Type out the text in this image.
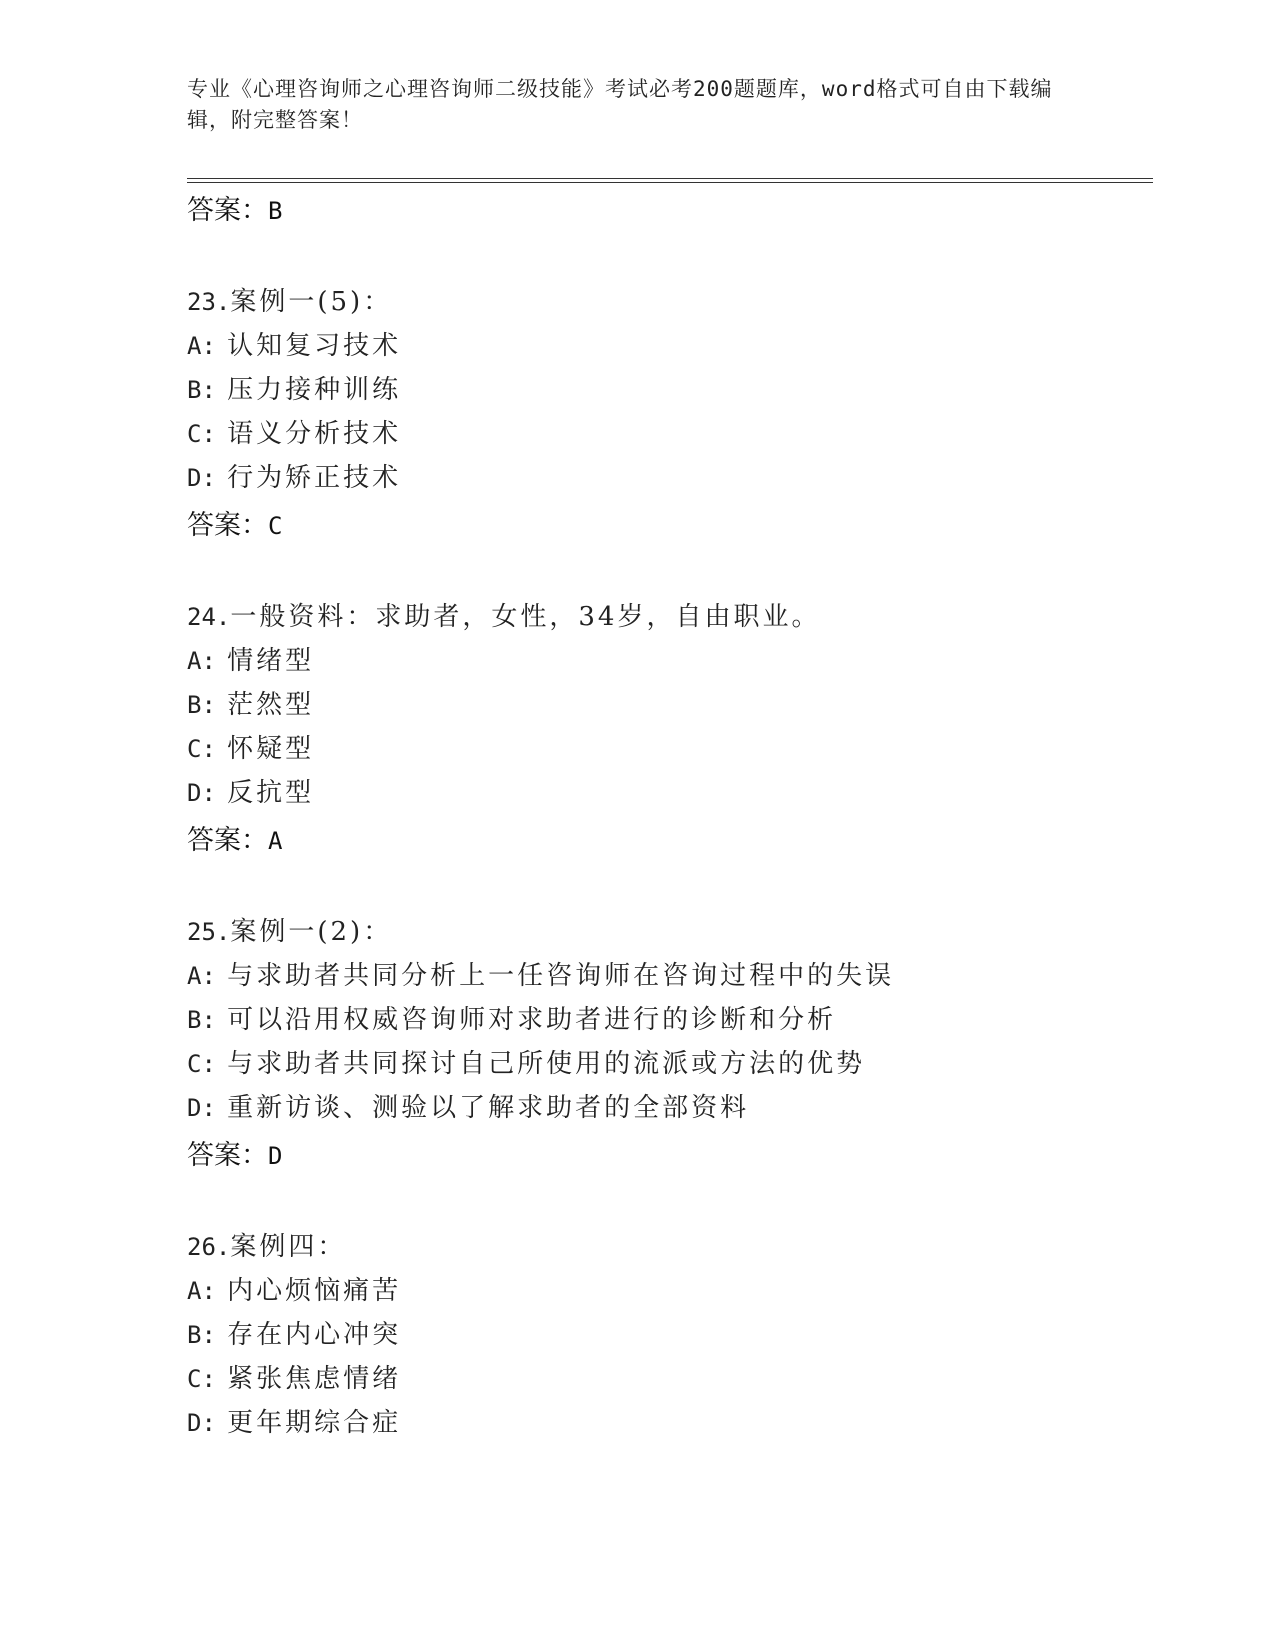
专业《心理咨询师之心理咨询师二级技能》考试必考200题题库，word格式可自由下载编辑，附完整答案！
答案：B
23.案例一(5)：
A: 认知复习技术
B: 压力接种训练
C: 语义分析技术
D: 行为矫正技术
答案：C
24.一般资料：求助者，女性，34岁，自由职业。
A: 情绪型
B: 茫然型
C: 怀疑型
D: 反抗型
答案：A
25.案例一(2)：
A: 与求助者共同分析上一任咨询师在咨询过程中的失误
B: 可以沿用权威咨询师对求助者进行的诊断和分析
C: 与求助者共同探讨自己所使用的流派或方法的优势
D: 重新访谈、测验以了解求助者的全部资料
答案：D
26.案例四：
A: 内心烦恼痛苦
B: 存在内心冲突
C: 紧张焦虑情绪
D: 更年期综合症
